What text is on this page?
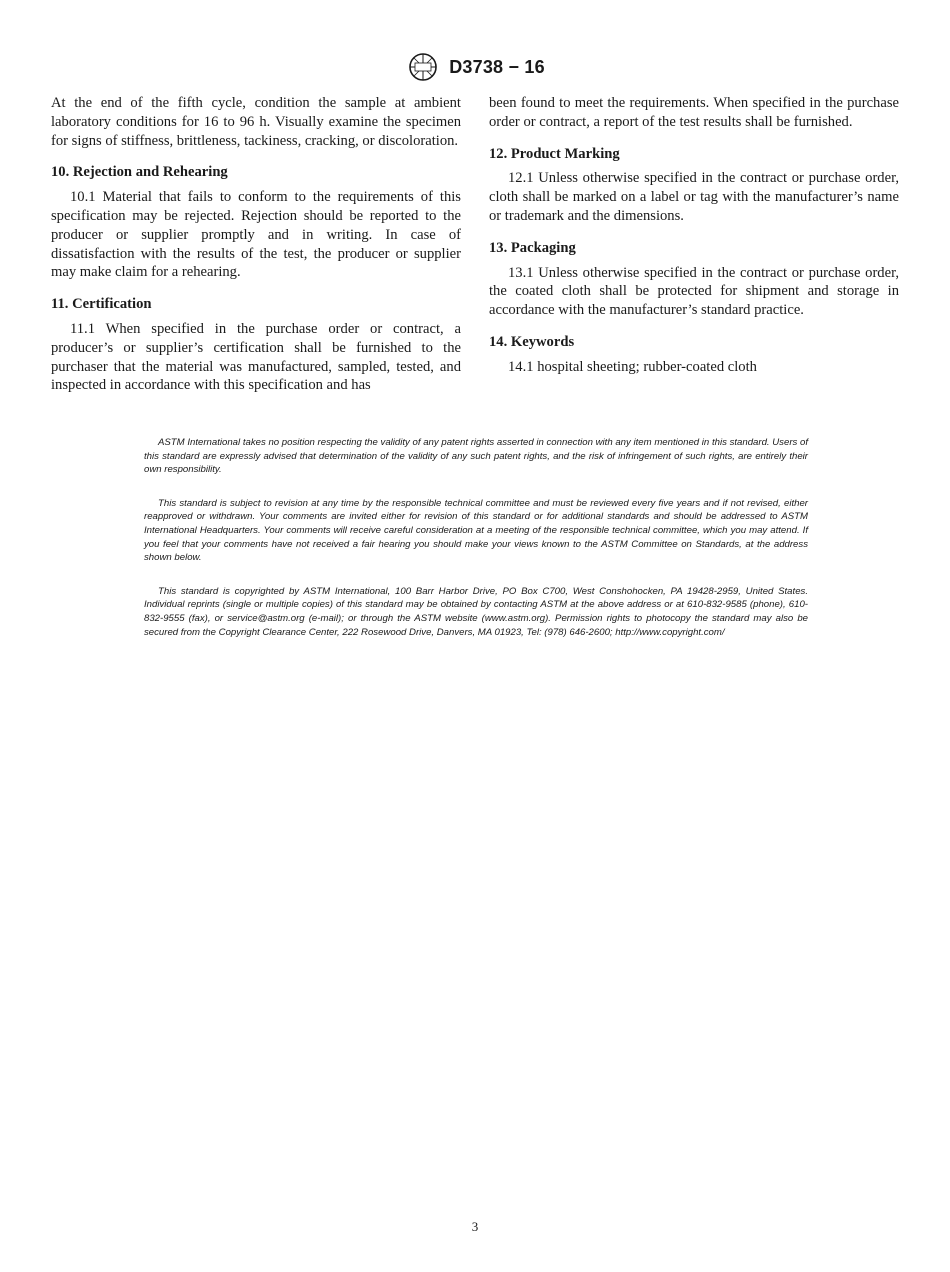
D3738 − 16

At the end of the fifth cycle, condition the sample at ambient laboratory conditions for 16 to 96 h. Visually examine the specimen for signs of stiffness, brittleness, tackiness, cracking, or discoloration.

10. Rejection and Rehearing

10.1 Material that fails to conform to the requirements of this specification may be rejected. Rejection should be reported to the producer or supplier promptly and in writing. In case of dissatisfaction with the results of the test, the producer or supplier may make claim for a rehearing.

11. Certification

11.1 When specified in the purchase order or contract, a producer’s or supplier’s certification shall be furnished to the purchaser that the material was manufactured, sampled, tested, and inspected in accordance with this specification and has

been found to meet the requirements. When specified in the purchase order or contract, a report of the test results shall be furnished.

12. Product Marking

12.1 Unless otherwise specified in the contract or purchase order, cloth shall be marked on a label or tag with the manufacturer’s name or trademark and the dimensions.

13. Packaging

13.1 Unless otherwise specified in the contract or purchase order, the coated cloth shall be protected for shipment and storage in accordance with the manufacturer’s standard practice.

14. Keywords

14.1 hospital sheeting; rubber-coated cloth

ASTM International takes no position respecting the validity of any patent rights asserted in connection with any item mentioned in this standard. Users of this standard are expressly advised that determination of the validity of any such patent rights, and the risk of infringement of such rights, are entirely their own responsibility.

This standard is subject to revision at any time by the responsible technical committee and must be reviewed every five years and if not revised, either reapproved or withdrawn. Your comments are invited either for revision of this standard or for additional standards and should be addressed to ASTM International Headquarters. Your comments will receive careful consideration at a meeting of the responsible technical committee, which you may attend. If you feel that your comments have not received a fair hearing you should make your views known to the ASTM Committee on Standards, at the address shown below.

This standard is copyrighted by ASTM International, 100 Barr Harbor Drive, PO Box C700, West Conshohocken, PA 19428-2959, United States. Individual reprints (single or multiple copies) of this standard may be obtained by contacting ASTM at the above address or at 610-832-9585 (phone), 610-832-9555 (fax), or service@astm.org (e-mail); or through the ASTM website (www.astm.org). Permission rights to photocopy the standard may also be secured from the Copyright Clearance Center, 222 Rosewood Drive, Danvers, MA 01923, Tel: (978) 646-2600; http://www.copyright.com/

3
